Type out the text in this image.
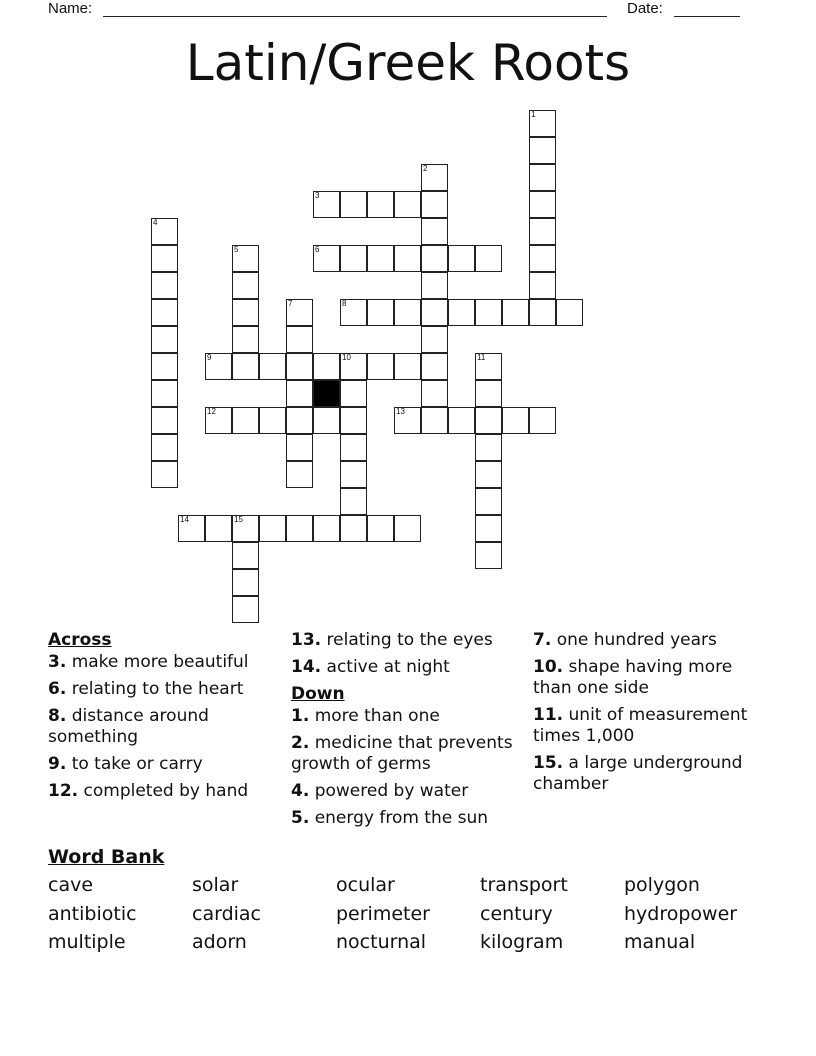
Name:	Date:
Latin/Greek Roots
1
2
3
4
5	6
7	8
9	10	11
12	13
14	15
Across
3. make more beautiful
6. relating to the heart
8. distance around something
9. to take or carry
12. completed by hand
13. relating to the eyes
14. active at night
Down
1. more than one
2. medicine that prevents growth of germs
4. powered by water
5. energy from the sun
7. one hundred years
10. shape having more than one side
11. unit of measurement times 1,000
15. a large underground chamber
Word Bank
cave	solar	ocular	transport	polygon
antibiotic	cardiac	perimeter	century	hydropower
multiple	adorn	nocturnal	kilogram	manual
